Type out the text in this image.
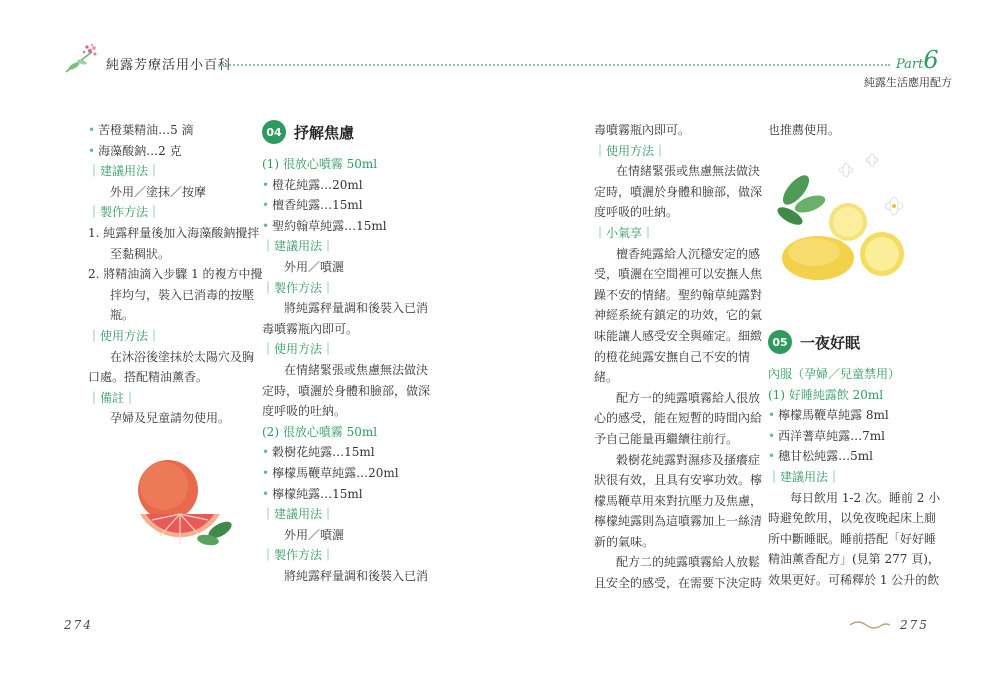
純露芳療活用小百科	Part6
純露生活應用配方
• 苦橙葉精油…5 滴
• 海藻酸鈉…2 克
｜建議用法｜
外用／塗抹／按摩
｜製作方法｜
1. 純露秤量後加入海藻酸鈉攪拌
至黏稠狀。
2. 將精油滴入步驟 1 的複方中攪
拌均勻，裝入已消毒的按壓
瓶。
｜使用方法｜
在沐浴後塗抹於太陽穴及胸
口處。搭配精油薰香。
｜備註｜
孕婦及兒童請勿使用。
04 抒解焦慮
(1) 很放心噴霧 50ml
• 橙花純露…20ml
• 檀香純露…15ml
• 聖約翰草純露…15ml
｜建議用法｜
外用／噴灑
｜製作方法｜
將純露秤量調和後裝入已消
毒噴霧瓶內即可。
｜使用方法｜
在情緒緊張或焦慮無法做決
定時，噴灑於身體和臉部，做深
度呼吸的吐納。
(2) 很放心噴霧 50ml
• 穀樹花純露…15ml
• 檸檬馬鞭草純露…20ml
• 檸檬純露…15ml
｜建議用法｜
外用／噴灑
｜製作方法｜
將純露秤量調和後裝入已消
毒噴霧瓶內即可。
｜使用方法｜
在情緒緊張或焦慮無法做決
定時，噴灑於身體和臉部，做深
度呼吸的吐納。
｜小氣享｜
檀香純露給人沉穩安定的感
受，噴灑在空間裡可以安撫人焦
躁不安的情緒。聖約翰草純露對
神經系統有鎮定的功效，它的氣
味能讓人感受安全與確定。細緻
的橙花純露安撫自己不安的情
緒。
配方一的純露噴霧給人很放
心的感受，能在短暫的時間內給
予自己能量再繼續往前行。
穀樹花純露對濕疹及搔癢症
狀很有效，且具有安寧功效。檸
檬馬鞭草用來對抗壓力及焦慮，
檸檬純露則為這噴霧加上一絲清
新的氣味。
配方二的純露噴霧給人放鬆
且安全的感受，在需要下決定時
也推薦使用。
05 一夜好眠
內服（孕婦／兒童禁用）
(1) 好睡純露飲 20ml
• 檸檬馬鞭草純露 8ml
• 西洋蓍草純露…7ml
• 穗甘松純露…5ml
｜建議用法｜
每日飲用 1-2 次。睡前 2 小
時避免飲用，以免夜晚起床上廁
所中斷睡眠。睡前搭配「好好睡
精油薰香配方」(見第 277 頁)，
效果更好。可稀釋於 1 公升的飲
274	275
